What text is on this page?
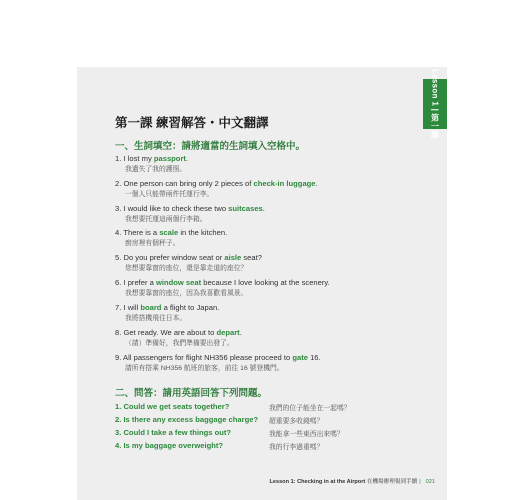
Lesson 1 | 第一課
第一課 練習解答・中文翻譯
一、生詞填空：請將適當的生詞填入空格中。
1. I lost my passport.
我遺失了我的護照。
2. One person can bring only 2 pieces of check-in luggage.
一個人只能帶兩件托運行李。
3. I would like to check these two suitcases.
我想要托運這兩個行李箱。
4. There is a scale in the kitchen.
廚房裡有個秤子。
5. Do you prefer window seat or aisle seat?
您想要靠窗的座位，還是靠走道的座位？
6. I prefer a window seat because I love looking at the scenery.
我想要靠窗的座位，因為我喜歡看風景。
7. I will board a flight to Japan.
我將搭機飛往日本。
8. Get ready. We are about to depart.
（請）準備好，我們準備要出發了。
9. All passengers for flight NH356 please proceed to gate 16.
請所有搭乘 NH356 航班的旅客，前往 16 號登機門。
二、問答：請用英語回答下列問題。
1. Could we get seats together?	我們的位子能坐在一起嗎？
2. Is there any excess baggage charge? 超重要多收錢嗎？
3. Could I take a few things out?	我能拿一些東西出來嗎？
4. Is my baggage overweight?	我的行李過重嗎？
Lesson 1: Checking in at the Airport 在機場辦理報到手續 | 021
